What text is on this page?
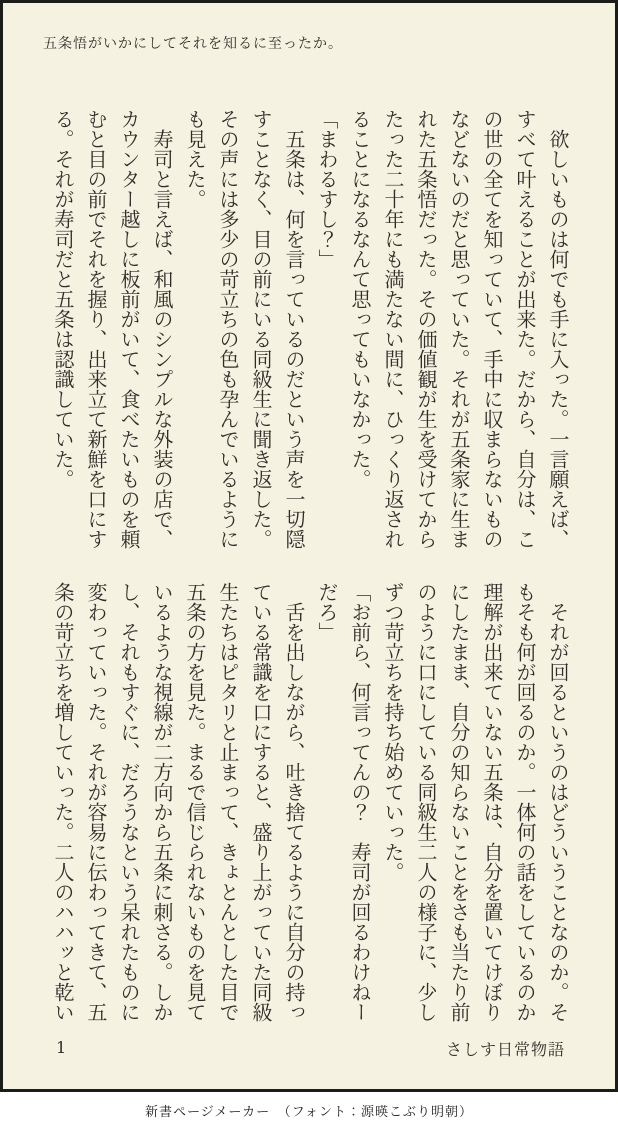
五条悟がいかにしてそれを知るに至ったか。

　欲しいものは何でも手に入った。一言願えば、

すべて叶えることが出来た。だから、自分は、こ

の世の全てを知っていて、手中に収まらないもの

などないのだと思っていた。それが五条家に生ま

れた五条悟だった。その価値観が生を受けてから

たった二十年にも満たない間に、ひっくり返され

ることになるなんて思ってもいなかった。

「まわるすし？」

　五条は、何を言っているのだという声を一切隠

すことなく、目の前にいる同級生に聞き返した。

その声には多少の苛立ちの色も孕んでいるように

も見えた。

　寿司と言えば、和風のシンプルな外装の店で、

カウンター越しに板前がいて、食べたいものを頼

むと目の前でそれを握り、出来立て新鮮を口にす

る。それが寿司だと五条は認識していた。

　それが回るというのはどういうことなのか。そ

もそも何が回るのか。一体何の話をしているのか

理解が出来ていない五条は、自分を置いてけぼり

にしたまま、自分の知らないことをさも当たり前

のように口にしている同級生二人の様子に、少し

ずつ苛立ちを持ち始めていった。

「お前ら、何言ってんの？　寿司が回るわけねー

だろ」

　舌を出しながら、吐き捨てるように自分の持っ

ている常識を口にすると、盛り上がっていた同級

生たちはピタリと止まって、きょとんとした目で

五条の方を見た。まるで信じられないものを見て

いるような視線が二方向から五条に刺さる。しか

し、それもすぐに、だろうなという呆れたものに

変わっていった。それが容易に伝わってきて、五

条の苛立ちを増していった。二人のハハッと乾い

1	さしす日常物語
新書ページメーカー　（フォント：源暎こぶり明朝）
